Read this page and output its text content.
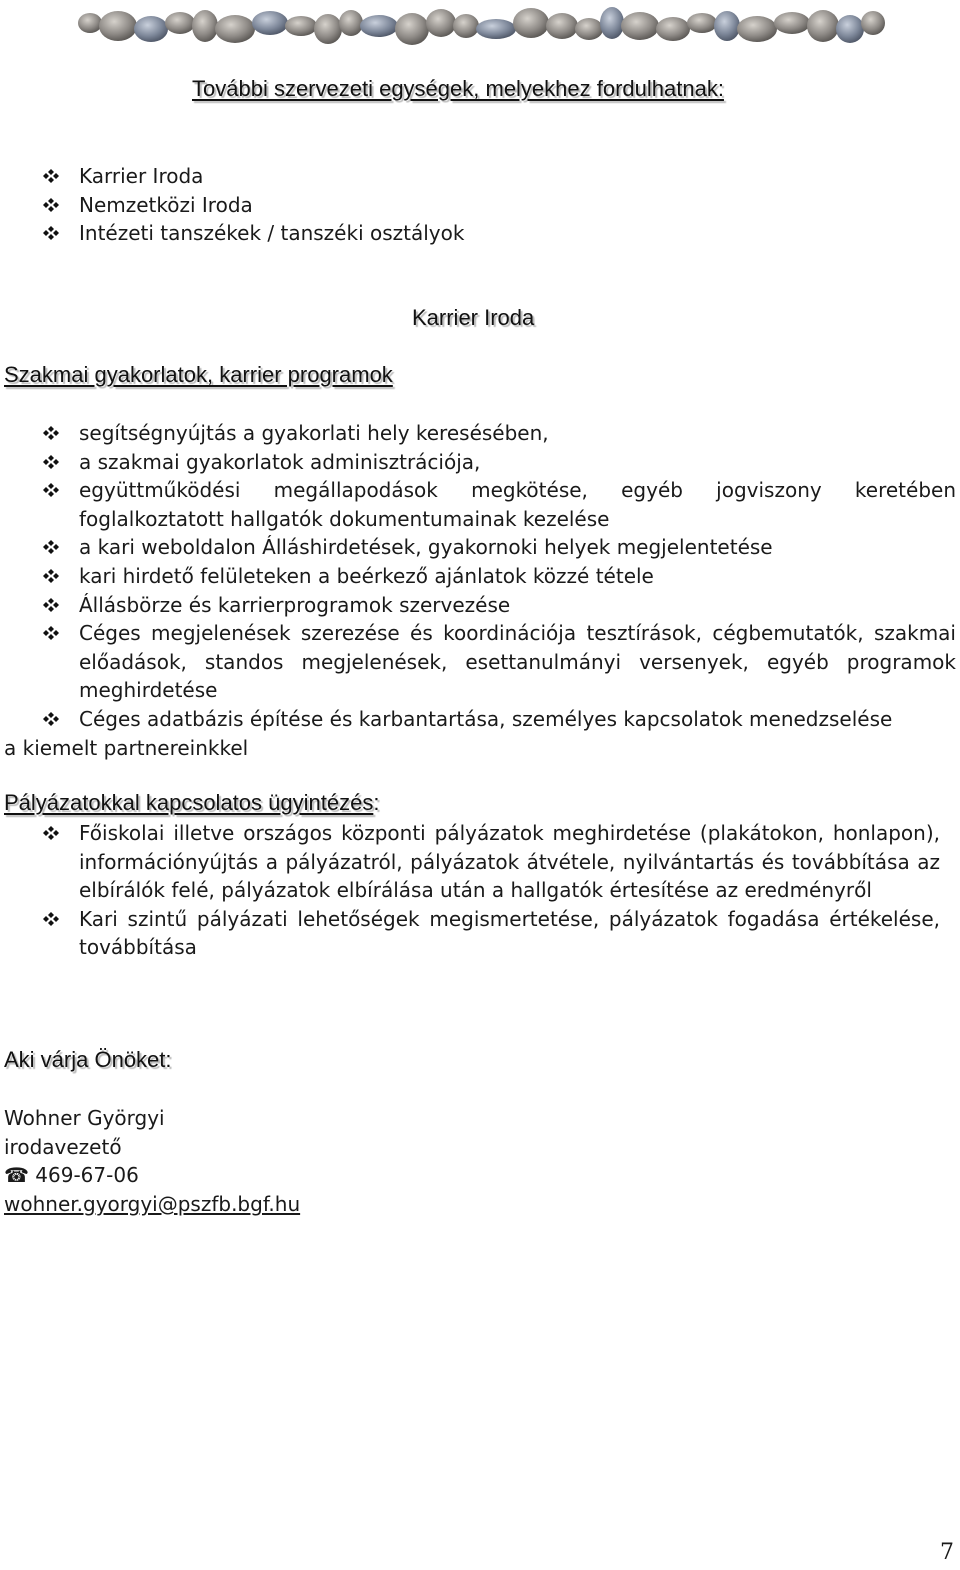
További szervezeti egységek, melyekhez fordulhatnak:
Karrier Iroda
Nemzetközi Iroda
Intézeti tanszékek / tanszéki osztályok
Karrier Iroda
Szakmai gyakorlatok, karrier programok
segítségnyújtás a gyakorlati hely keresésében,
a szakmai gyakorlatok adminisztrációja,
együttműködési megállapodások megkötése, egyéb jogviszony keretében foglalkoztatott hallgatók dokumentumainak kezelése
a kari weboldalon Álláshirdetések, gyakornoki helyek megjelentetése
kari hirdető felületeken a beérkező ajánlatok közzé tétele
Állásbörze és karrierprogramok szervezése
Céges megjelenések szerezése és koordinációja tesztírások, cégbemutatók, szakmai előadások, standos megjelenések, esettanulmányi versenyek, egyéb programok meghirdetése
Céges adatbázis építése és karbantartása, személyes kapcsolatok menedzselése

a kiemelt partnereinkkel

Pályázatokkal kapcsolatos ügyintézés:
Főiskolai illetve országos központi pályázatok meghirdetése (plakátokon, honlapon), információnyújtás a pályázatról, pályázatok átvétele, nyilvántartás és továbbítása az elbírálók felé, pályázatok elbírálása után a hallgatók értesítése az eredményről
Kari szintű pályázati lehetőségek megismertetése, pályázatok fogadása értékelése, továbbítása
Aki várja Önöket:

Wohner Györgyi

irodavezető

☎ 469-67-06

wohner.gyorgyi@pszfb.bgf.hu

7
